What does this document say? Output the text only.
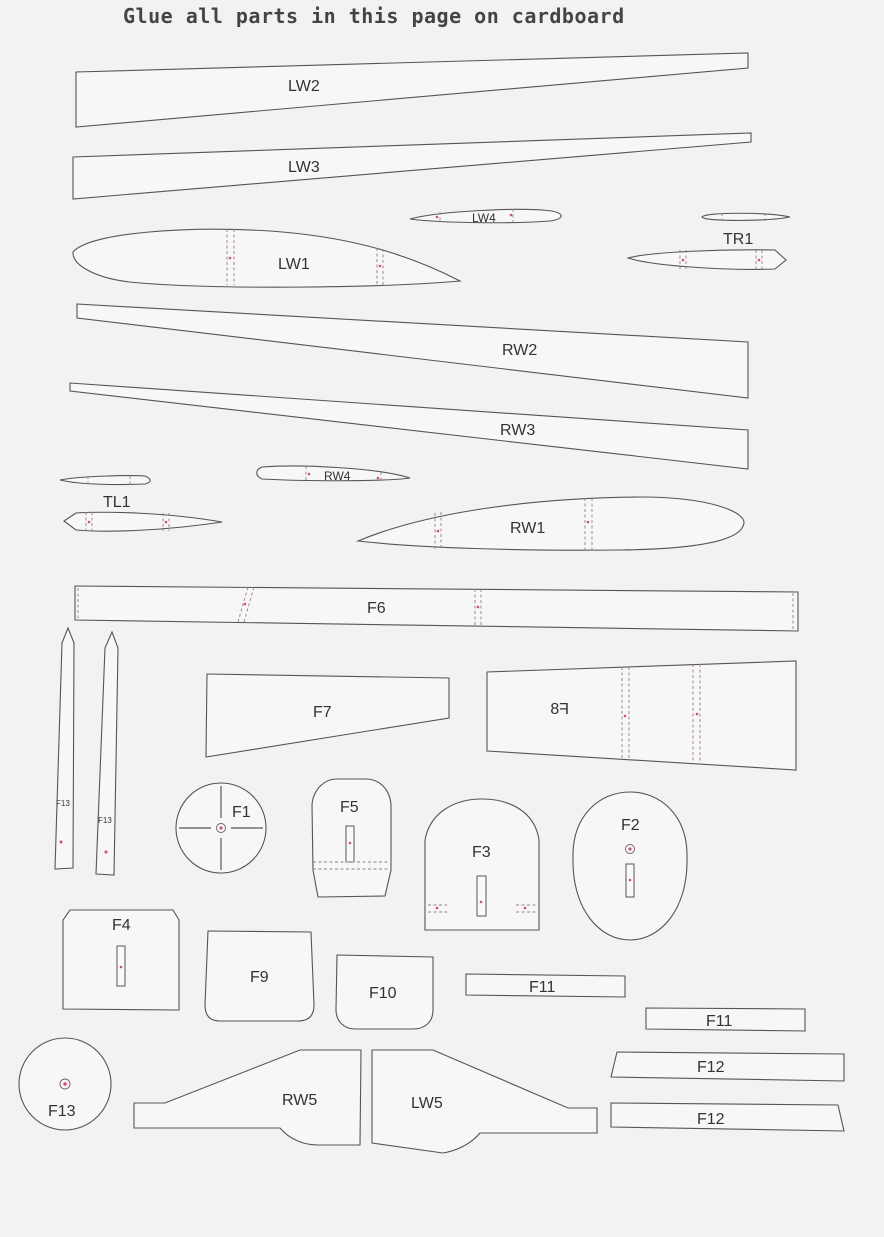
Glue all parts in this page on cardboard
LW2
LW3
LW4
LW1
TR1
RW2
RW3
RW4
TL1
RW1
F6
F13
F13
F7	F8
F1	F5
F3
F2
F4
F9
F10	F11
F11
F13
RW5	LW5
F12
F12
